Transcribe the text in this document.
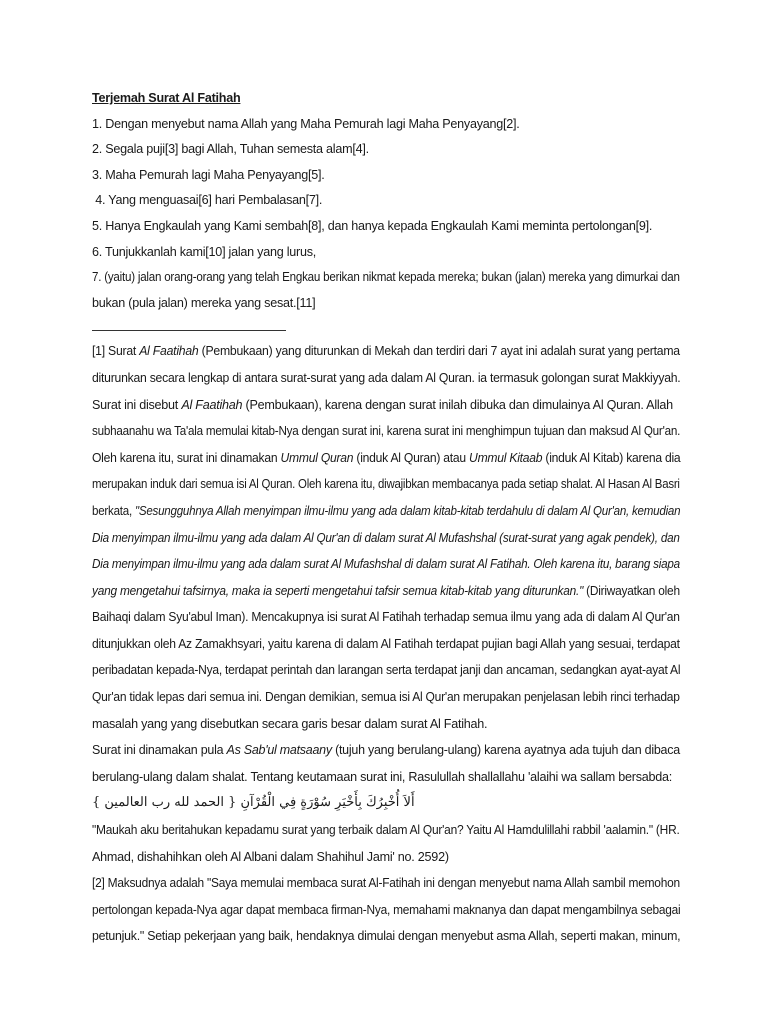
Terjemah Surat Al Fatihah
1. Dengan menyebut nama Allah yang Maha Pemurah lagi Maha Penyayang[2].
2. Segala puji[3] bagi Allah, Tuhan semesta alam[4].
3. Maha Pemurah lagi Maha Penyayang[5].
4. Yang menguasai[6] hari Pembalasan[7].
5. Hanya Engkaulah yang Kami sembah[8], dan hanya kepada Engkaulah Kami meminta pertolongan[9].
6. Tunjukkanlah kami[10] jalan yang lurus,
7. (yaitu) jalan orang-orang yang telah Engkau berikan nikmat kepada mereka; bukan (jalan) mereka yang dimurkai dan
bukan (pula jalan) mereka yang sesat.[11]
[1] Surat Al Faatihah (Pembukaan) yang diturunkan di Mekah dan terdiri dari 7 ayat ini adalah surat yang pertama
diturunkan secara lengkap di antara surat-surat yang ada dalam Al Quran. ia termasuk golongan surat Makkiyyah.
Surat ini disebut Al Faatihah (Pembukaan), karena dengan surat inilah dibuka dan dimulainya Al Quran. Allah
subhaanahu wa Ta'ala memulai kitab-Nya dengan surat ini, karena surat ini menghimpun tujuan dan maksud Al Qur'an.
Oleh karena itu, surat ini dinamakan Ummul Quran (induk Al Quran) atau Ummul Kitaab (induk Al Kitab) karena dia
merupakan induk dari semua isi Al Quran. Oleh karena itu, diwajibkan membacanya pada setiap shalat. Al Hasan Al Basri
berkata, "Sesungguhnya Allah menyimpan ilmu-ilmu yang ada dalam kitab-kitab terdahulu di dalam Al Qur'an, kemudian
Dia menyimpan ilmu-ilmu yang ada dalam Al Qur'an di dalam surat Al Mufashshal (surat-surat yang agak pendek), dan
Dia menyimpan ilmu-ilmu yang ada dalam surat Al Mufashshal di dalam surat Al Fatihah. Oleh karena itu, barang siapa
yang mengetahui tafsirnya, maka ia seperti mengetahui tafsir semua kitab-kitab yang diturunkan." (Diriwayatkan oleh
Baihaqi dalam Syu'abul Iman). Mencakupnya isi surat Al Fatihah terhadap semua ilmu yang ada di dalam Al Qur'an
ditunjukkan oleh Az Zamakhsyari, yaitu karena di dalam Al Fatihah terdapat pujian bagi Allah yang sesuai, terdapat
peribadatan kepada-Nya, terdapat perintah dan larangan serta terdapat janji dan ancaman, sedangkan ayat-ayat Al
Qur'an tidak lepas dari semua ini. Dengan demikian, semua isi Al Qur'an merupakan penjelasan lebih rinci terhadap
masalah yang yang disebutkan secara garis besar dalam surat Al Fatihah.
Surat ini dinamakan pula As Sab'ul matsaany (tujuh yang berulang-ulang) karena ayatnya ada tujuh dan dibaca
berulang-ulang dalam shalat. Tentang keutamaan surat ini, Rasulullah shallallahu 'alaihi wa sallam bersabda:
أَلاَ أُخْبِرُكَ بِأَخْيَرِ سُوْرَةٍ فِي الْقُرْآنِ { الحمد لله رب العالمين }
"Maukah aku beritahukan kepadamu surat yang terbaik dalam Al Qur'an? Yaitu Al Hamdulillahi rabbil 'aalamin." (HR.
Ahmad, dishahihkan oleh Al Albani dalam Shahihul Jami' no. 2592)
[2] Maksudnya adalah "Saya memulai membaca surat Al-Fatihah ini dengan menyebut nama Allah sambil memohon
pertolongan kepada-Nya agar dapat membaca firman-Nya, memahami maknanya dan dapat mengambilnya sebagai
petunjuk." Setiap pekerjaan yang baik, hendaknya dimulai dengan menyebut asma Allah, seperti makan, minum,
